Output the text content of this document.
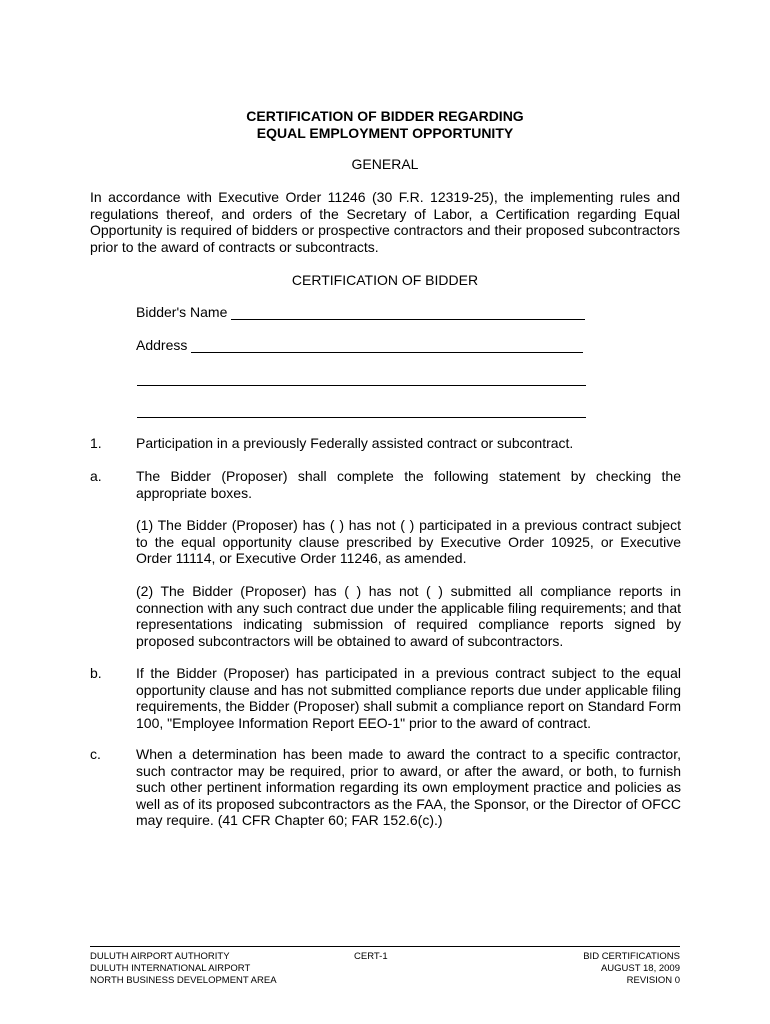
CERTIFICATION OF BIDDER REGARDING
EQUAL EMPLOYMENT OPPORTUNITY
GENERAL

In accordance with Executive Order 11246 (30 F.R. 12319-25), the implementing rules and regulations thereof, and orders of the Secretary of Labor, a Certification regarding Equal Opportunity is required of bidders or prospective contractors and their proposed subcontractors prior to the award of contracts or subcontracts.

CERTIFICATION OF BIDDER
Bidder's Name
Address
1. Participation in a previously Federally assisted contract or subcontract.

a. The Bidder (Proposer) shall complete the following statement by checking the appropriate boxes.

(1) The Bidder (Proposer) has ( ) has not ( ) participated in a previous contract subject to the equal opportunity clause prescribed by Executive Order 10925, or Executive Order 11114, or Executive Order 11246, as amended.

(2) The Bidder (Proposer) has ( ) has not ( ) submitted all compliance reports in connection with any such contract due under the applicable filing requirements; and that representations indicating submission of required compliance reports signed by proposed subcontractors will be obtained to award of subcontractors.

b. If the Bidder (Proposer) has participated in a previous contract subject to the equal opportunity clause and has not submitted compliance reports due under applicable filing requirements, the Bidder (Proposer) shall submit a compliance report on Standard Form 100, "Employee Information Report EEO-1" prior to the award of contract.

c.	When a determination has been made to award the contract to a specific contractor, such contractor may be required, prior to award, or after the award, or both, to furnish such other pertinent information regarding its own employment practice and policies as well as of its proposed subcontractors as the FAA, the Sponsor, or the Director of OFCC may require. (41 CFR Chapter 60; FAR 152.6(c).)

DULUTH AIRPORT AUTHORITY
DULUTH INTERNATIONAL AIRPORT
NORTH BUSINESS DEVELOPMENT AREA
CERT-1	BID CERTIFICATIONS
AUGUST 18, 2009
REVISION 0
